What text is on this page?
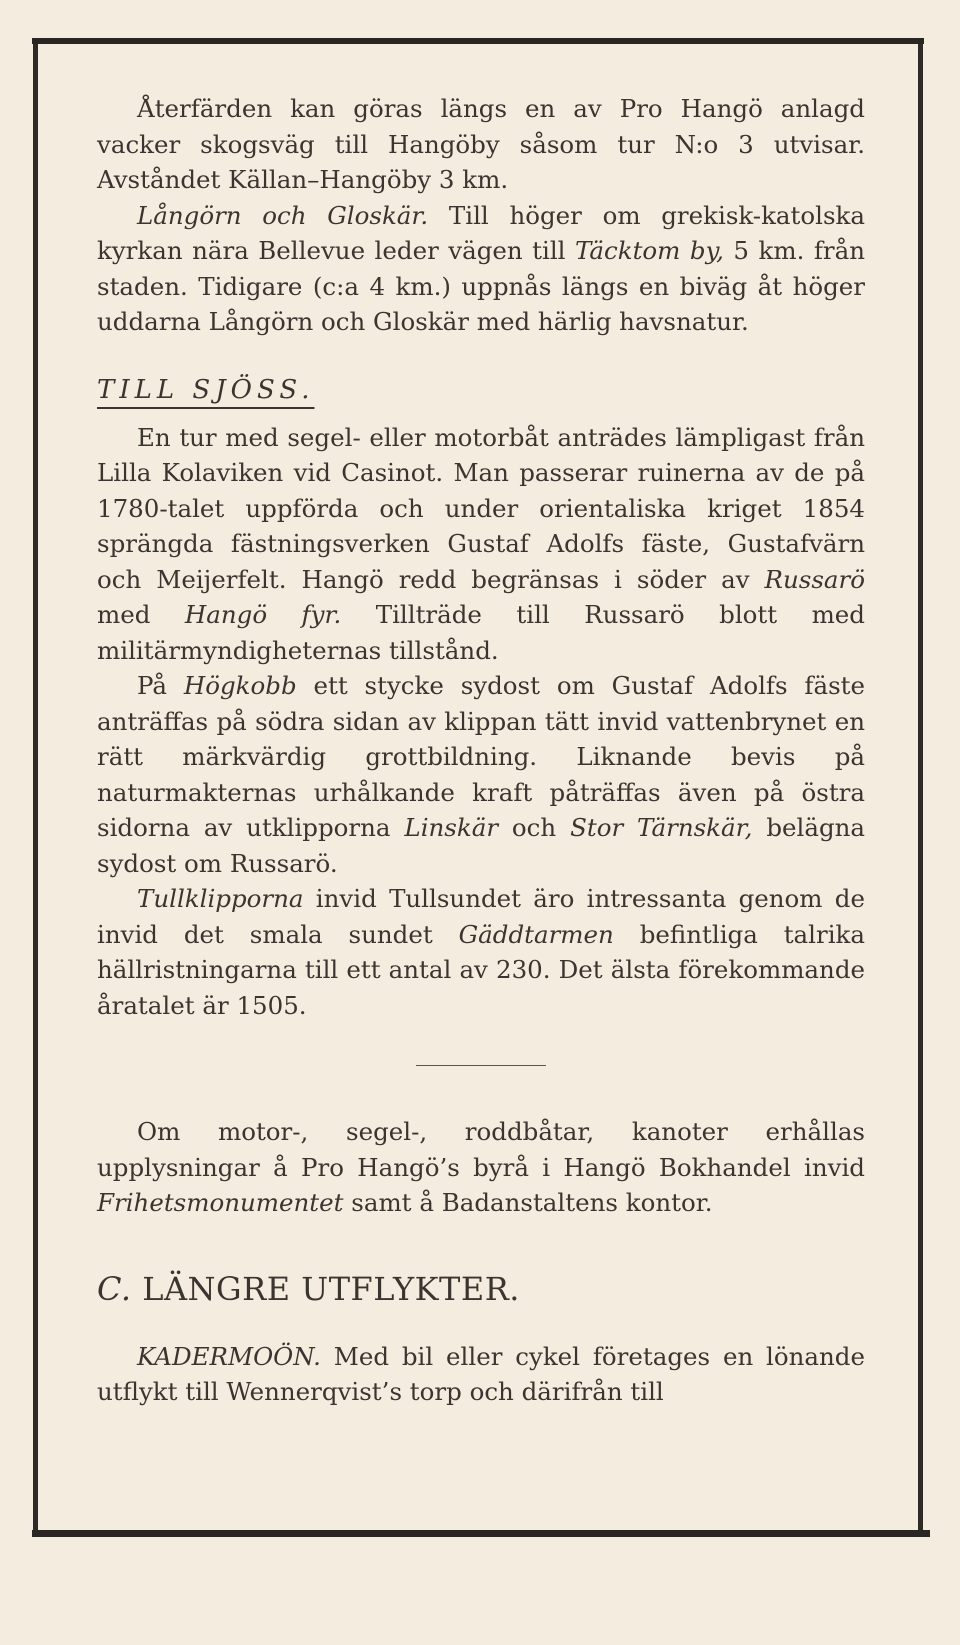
Återfärden kan göras längs en av Pro Hangö anlagd vacker skogsväg till Hangöby såsom tur N:o 3 utvisar. Avståndet Källan–Hangöby 3 km.

Långörn och Gloskär. Till höger om grekisk-katolska kyrkan nära Bellevue leder vägen till Täcktom by, 5 km. från staden. Tidigare (c:a 4 km.) uppnås längs en biväg åt höger uddarna Långörn och Gloskär med härlig havsnatur.

TILL SJÖSS.

En tur med segel- eller motorbåt anträdes lämpligast från Lilla Kolaviken vid Casinot. Man passerar ruinerna av de på 1780-talet uppförda och under orientaliska kriget 1854 sprängda fästningsverken Gustaf Adolfs fäste, Gustafvärn och Meijerfelt. Hangö redd begränsas i söder av Russarö med Hangö fyr. Tillträde till Russarö blott med militärmyndigheternas tillstånd.

På Högkobb ett stycke sydost om Gustaf Adolfs fäste anträffas på södra sidan av klippan tätt invid vattenbrynet en rätt märkvärdig grottbildning. Liknande bevis på naturmakternas urhålkande kraft påträffas även på östra sidorna av utklipporna Linskär och Stor Tärnskär, belägna sydost om Russarö.

Tullklipporna invid Tullsundet äro intressanta genom de invid det smala sundet Gäddtarmen befintliga talrika hällristningarna till ett antal av 230. Det älsta förekommande åratalet är 1505.

Om motor-, segel-, roddbåtar, kanoter erhållas upplysningar å Pro Hangö’s byrå i Hangö Bokhandel invid Frihetsmonumentet samt å Badanstaltens kontor.

C. LÄNGRE UTFLYKTER.

KADERMOÖN. Med bil eller cykel företages en lönande utflykt till Wennerqvist’s torp och därifrån till
